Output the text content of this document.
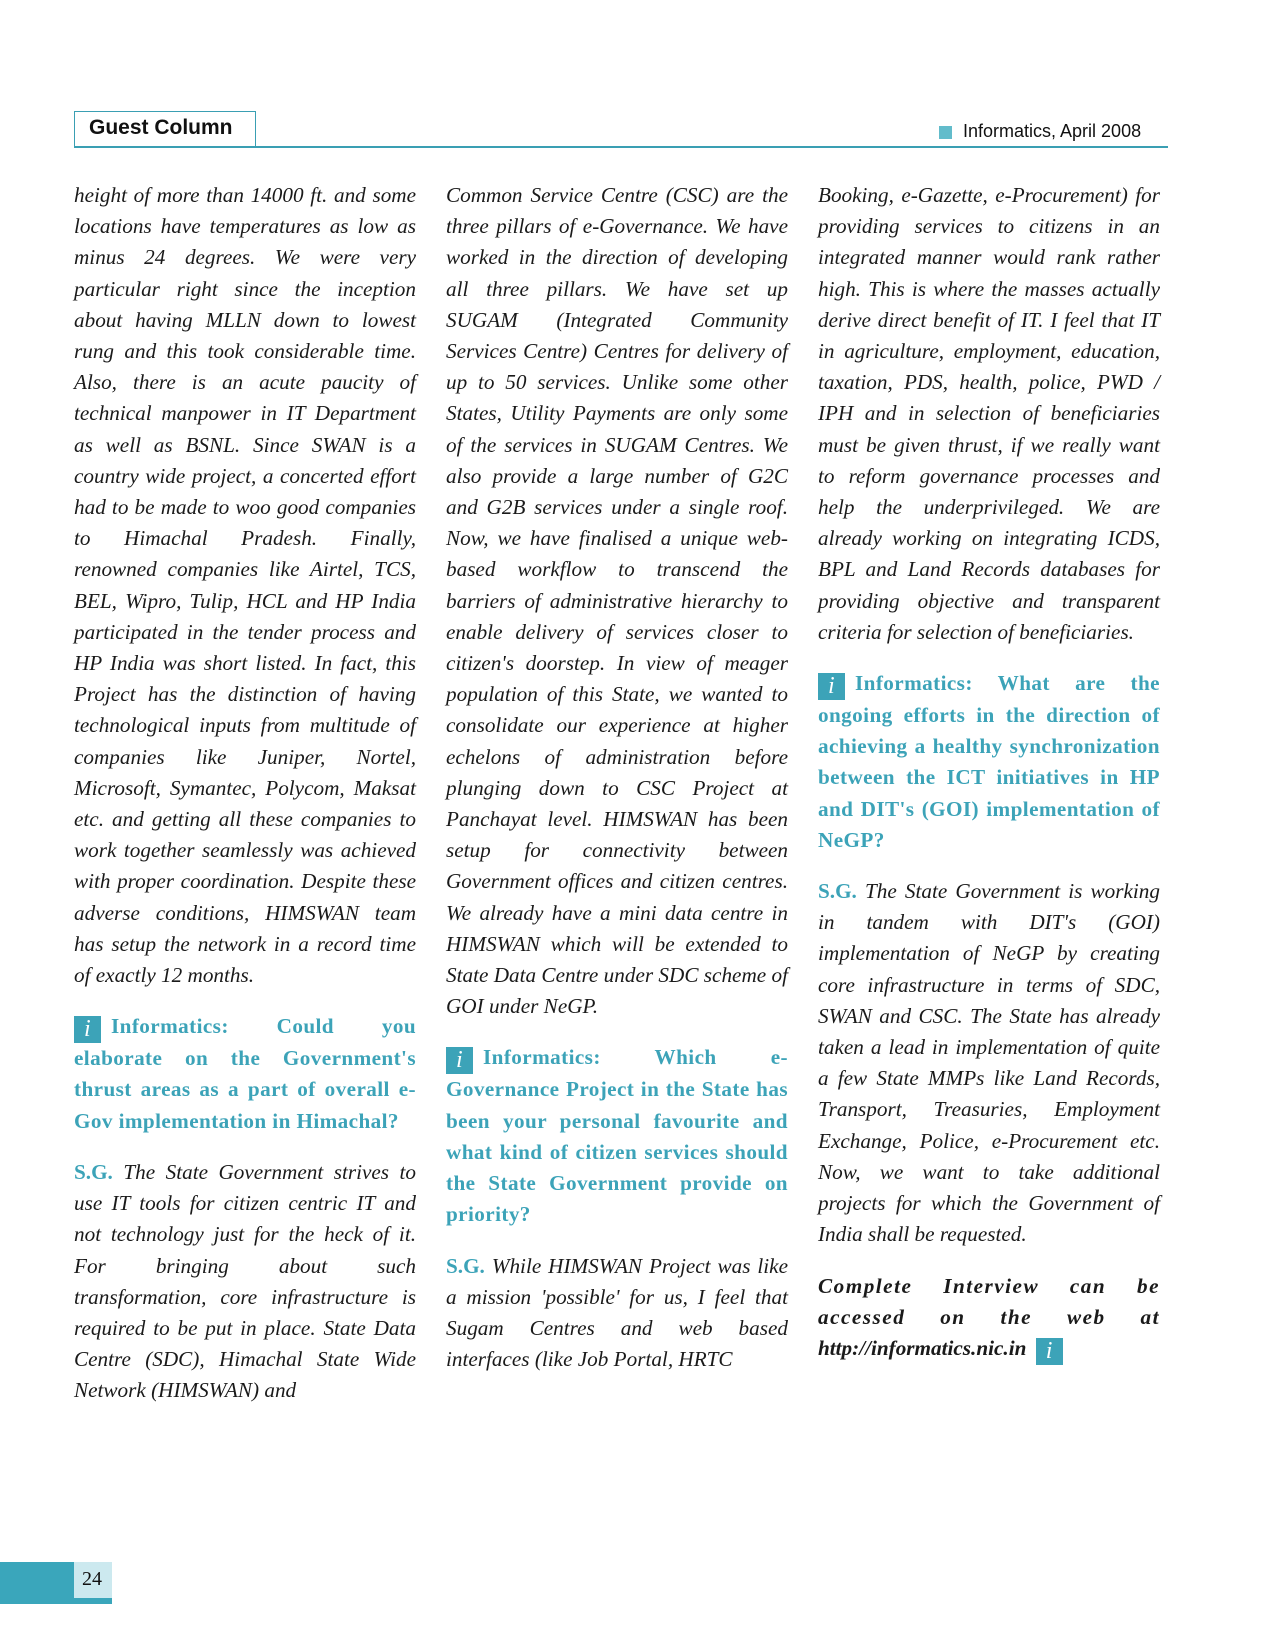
Guest Column	Informatics, April 2008

height of more than 14000 ft. and some locations have temperatures as low as minus 24 degrees. We were very particular right since the inception about having MLLN down to lowest rung and this took considerable time. Also, there is an acute paucity of technical manpower in IT Department as well as BSNL. Since SWAN is a country wide project, a concerted effort had to be made to woo good companies to Himachal Pradesh. Finally, renowned companies like Airtel, TCS, BEL, Wipro, Tulip, HCL and HP India participated in the tender process and HP India was short listed. In fact, this Project has the distinction of having technological inputs from multitude of companies like Juniper, Nortel, Microsoft, Symantec, Polycom, Maksat etc. and getting all these companies to work together seamlessly was achieved with proper coordination. Despite these adverse conditions, HIMSWAN team has setup the network in a record time of exactly 12 months.

i Informatics: Could you elaborate on the Government's thrust areas as a part of overall e-Gov implementation in Himachal?

S.G. The State Government strives to use IT tools for citizen centric IT and not technology just for the heck of it. For bringing about such transformation, core infrastructure is required to be put in place. State Data Centre (SDC), Himachal State Wide Network (HIMSWAN) and

Common Service Centre (CSC) are the three pillars of e-Governance. We have worked in the direction of developing all three pillars. We have set up SUGAM (Integrated Community Services Centre) Centres for delivery of up to 50 services. Unlike some other States, Utility Payments are only some of the services in SUGAM Centres. We also provide a large number of G2C and G2B services under a single roof. Now, we have finalised a unique web-based workflow to transcend the barriers of administrative hierarchy to enable delivery of services closer to citizen's doorstep. In view of meager population of this State, we wanted to consolidate our experience at higher echelons of administration before plunging down to CSC Project at Panchayat level. HIMSWAN has been setup for connectivity between Government offices and citizen centres. We already have a mini data centre in HIMSWAN which will be extended to State Data Centre under SDC scheme of GOI under NeGP.

i Informatics: Which e-Governance Project in the State has been your personal favourite and what kind of citizen services should the State Government provide on priority?

S.G. While HIMSWAN Project was like a mission 'possible' for us, I feel that Sugam Centres and web based interfaces (like Job Portal, HRTC

Booking, e-Gazette, e-Procurement) for providing services to citizens in an integrated manner would rank rather high. This is where the masses actually derive direct benefit of IT. I feel that IT in agriculture, employment, education, taxation, PDS, health, police, PWD / IPH and in selection of beneficiaries must be given thrust, if we really want to reform governance processes and help the underprivileged. We are already working on integrating ICDS, BPL and Land Records databases for providing objective and transparent criteria for selection of beneficiaries.

i Informatics: What are the ongoing efforts in the direction of achieving a healthy synchronization between the ICT initiatives in HP and DIT's (GOI) implementation of NeGP?

S.G. The State Government is working in tandem with DIT's (GOI) implementation of NeGP by creating core infrastructure in terms of SDC, SWAN and CSC. The State has already taken a lead in implementation of quite a few State MMPs like Land Records, Transport, Treasuries, Employment Exchange, Police, e-Procurement etc. Now, we want to take additional projects for which the Government of India shall be requested.

Complete Interview can be accessed on the web at http://informatics.nic.in i

24
